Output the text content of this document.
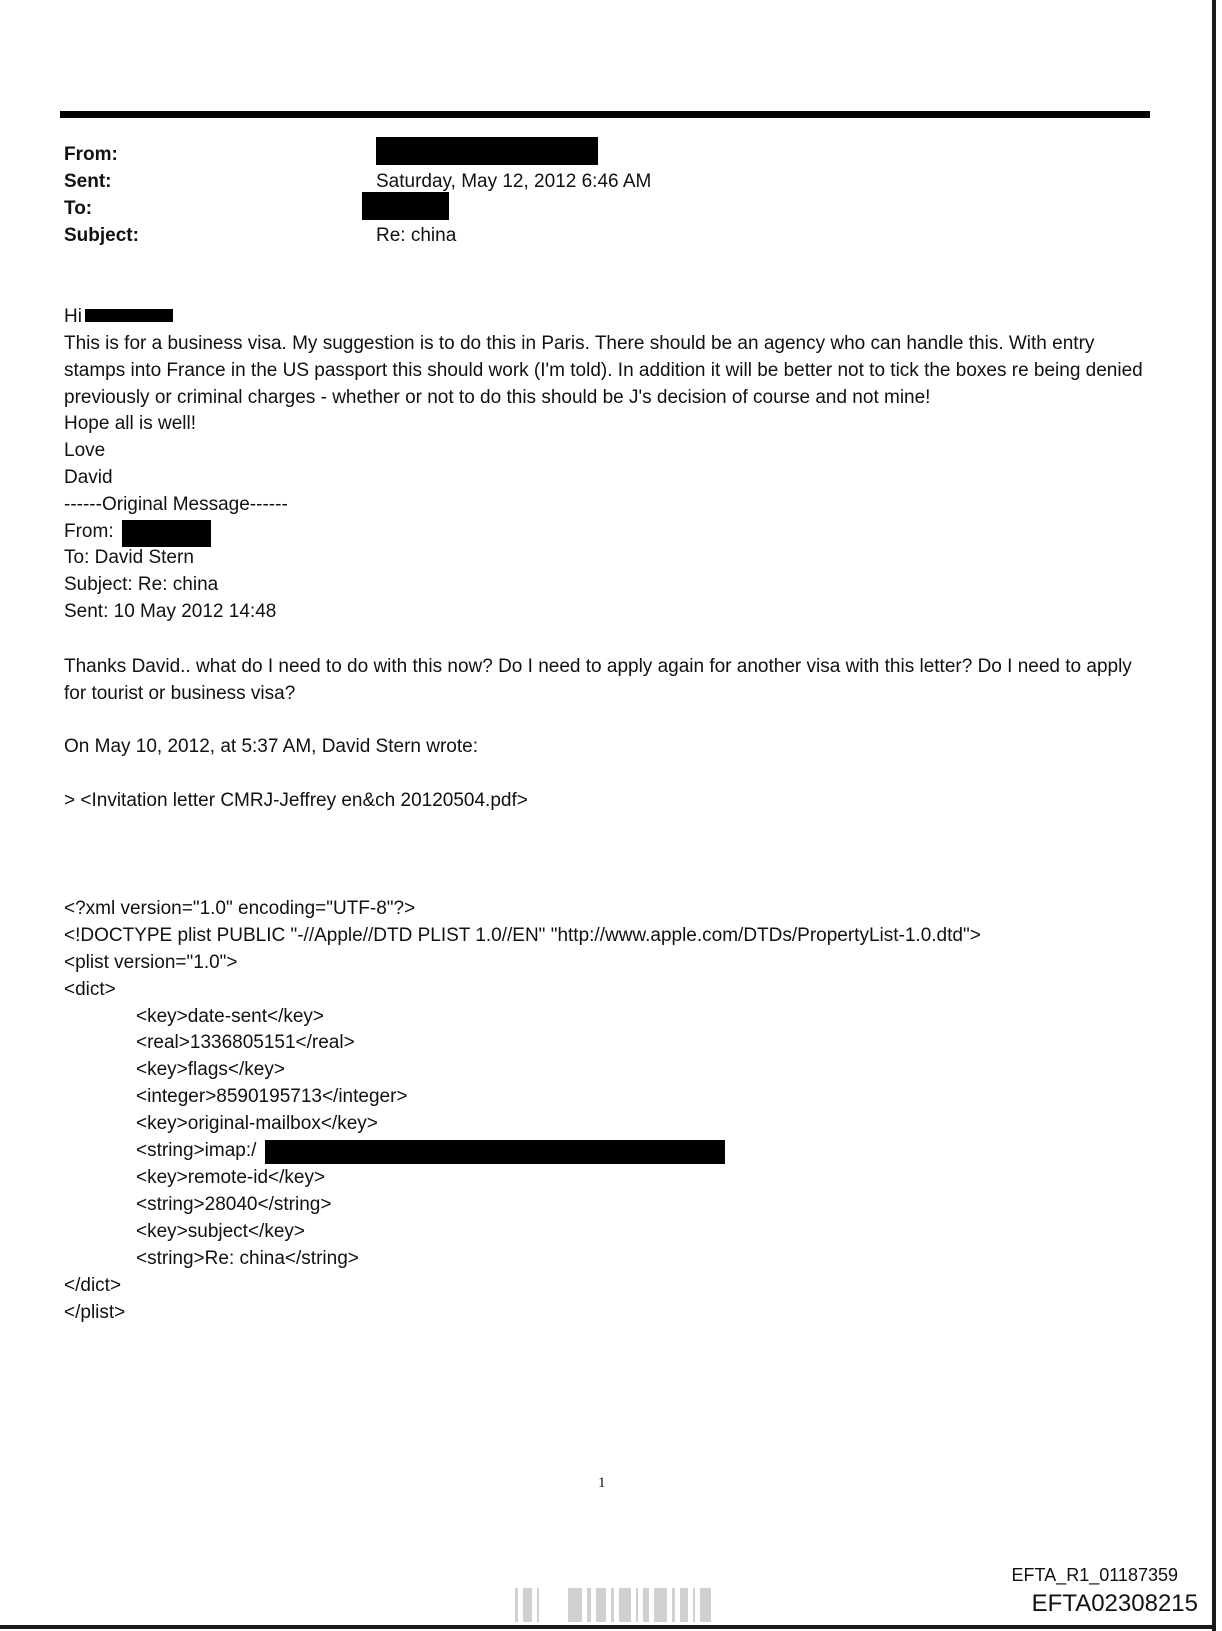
From:
Sent:
To:
Subject:
Saturday, May 12, 2012 6:46 AM
Re: china
Hi
This is for a business visa. My suggestion is to do this in Paris. There should be an agency who can handle this. With entry stamps into France in the US passport this should work (I'm told). In addition it will be better not to tick the boxes re being denied previously or criminal charges - whether or not to do this should be J's decision of course and not mine!
Hope all is well!
Love
David
------Original Message------
From:
To: David Stern
Subject: Re: china
Sent: 10 May 2012 14:48
Thanks David.. what do I need to do with this now? Do I need to apply again for another visa with this letter? Do I need to apply for tourist or business visa?
On May 10, 2012, at 5:37 AM, David Stern wrote:
> <Invitation letter CMRJ-Jeffrey en&ch 20120504.pdf>
<?xml version="1.0" encoding="UTF-8"?>
<!DOCTYPE plist PUBLIC "-//Apple//DTD PLIST 1.0//EN" "http://www.apple.com/DTDs/PropertyList-1.0.dtd">
<plist version="1.0">
<dict>
<key>date-sent</key>
<real>1336805151</real>
<key>flags</key>
<integer>8590195713</integer>
<key>original-mailbox</key>
<string>imap:/
<key>remote-id</key>
<string>28040</string>
<key>subject</key>
<string>Re: china</string>
</dict>
</plist>
1
EFTA_R1_01187359
EFTA02308215
